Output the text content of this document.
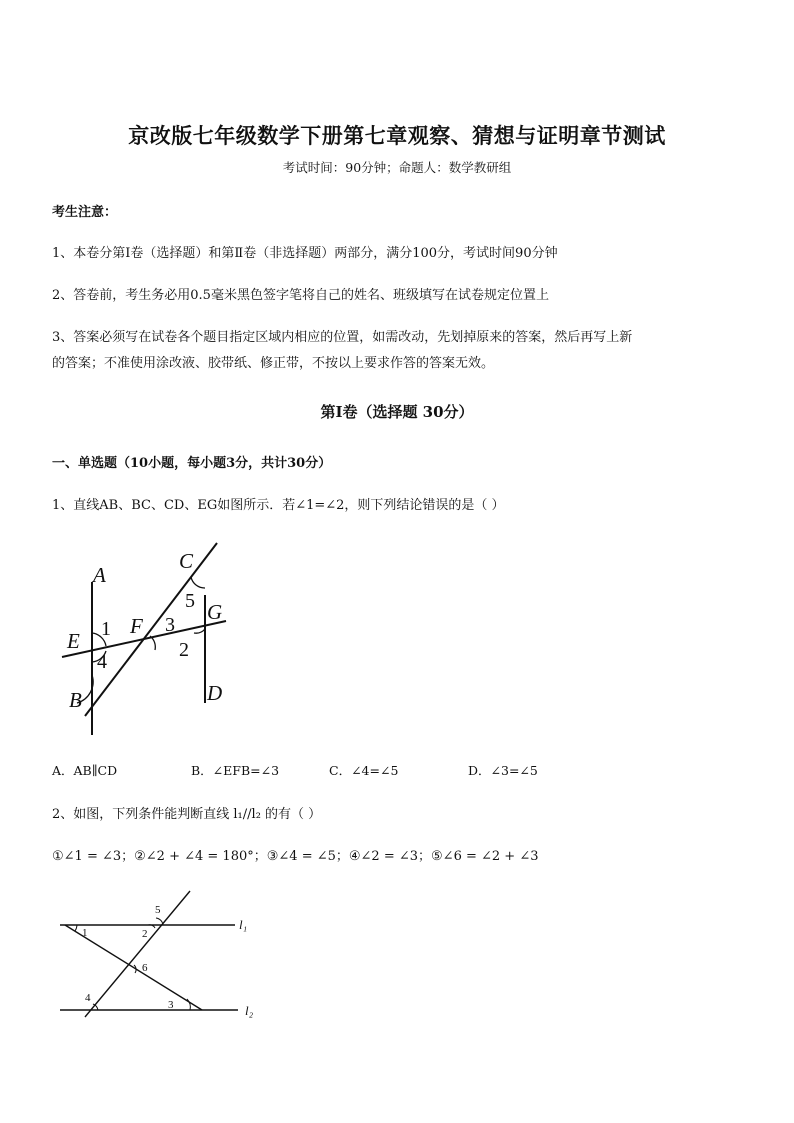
京改版七年级数学下册第七章观察、猜想与证明章节测试
考试时间：90分钟；命题人：数学教研组
考生注意：
1、本卷分第Ⅰ卷（选择题）和第Ⅱ卷（非选择题）两部分，满分100分，考试时间90分钟
2、答卷前，考生务必用0.5毫米黑色签字笔将自己的姓名、班级填写在试卷规定位置上
3、答案必须写在试卷各个题目指定区域内相应的位置，如需改动，先划掉原来的答案，然后再写上新
的答案；不准使用涂改液、胶带纸、修正带，不按以上要求作答的答案无效。
第Ⅰ卷（选择题 30分）
一、单选题（10小题，每小题3分，共计30分）
1、直线AB、BC、CD、EG如图所示．若∠1=∠2，则下列结论错误的是（ ）
A
B
C
D
E
F
G
1
4
3
5
2
A．AB∥CD	B．∠EFB=∠3	C．∠4=∠5	D．∠3=∠5
2、如图，下列条件能判断直线 l₁//l₂ 的有（ ）
①∠1 = ∠3；②∠2 + ∠4 = 180°；③∠4 = ∠5；④∠2 = ∠3；⑤∠6 = ∠2 + ∠3
1	2
5
6
3
4
l₁
l₂
